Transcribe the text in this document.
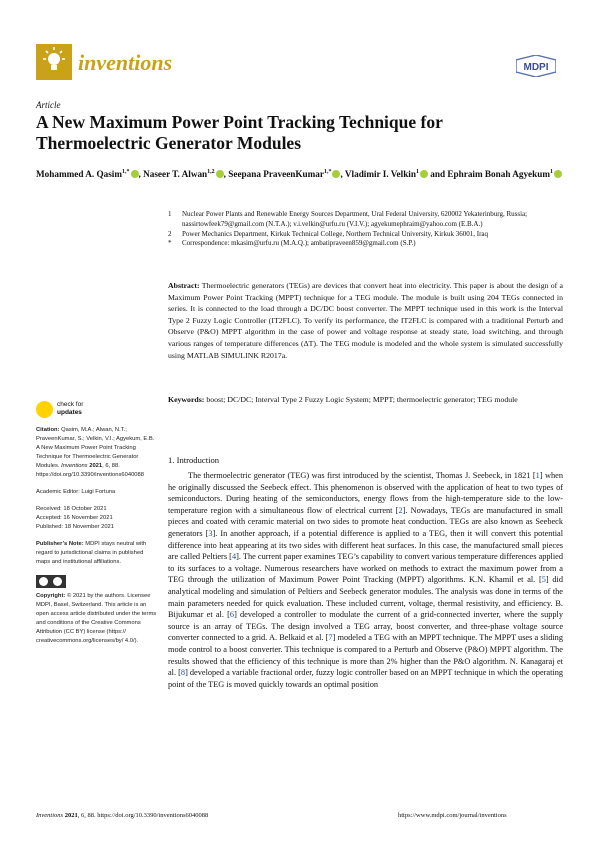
inventions	MDPI
Article
A New Maximum Power Point Tracking Technique for Thermoelectric Generator Modules
Mohammed A. Qasim$^{1,*}$ , Naseer T. Alwan$^{1,2}$ , Seepana PraveenKumar$^{1,*}$ , Vladimir I. Velkin$^1$ and Ephraim Bonah Agyekum$^1$
1	Nuclear Power Plants and Renewable Energy Sources Department, Ural Federal University, 620002 Yekaterinburg, Russia; nassirtowfeek79@gmail.com (N.T.A.); v.i.velkin@urfu.ru (V.I.V.); agyekumephraim@yahoo.com (E.B.A.)
2	Power Mechanics Department, Kirkuk Technical College, Northern Technical University, Kirkuk 36001, Iraq
*	Correspondence: mkasim@urfu.ru (M.A.Q.); ambatipraveen859@gmail.com (S.P.)
Abstract: Thermoelectric generators (TEGs) are devices that convert heat into electricity. This paper is about the design of a Maximum Power Point Tracking (MPPT) technique for a TEG module. The module is built using 204 TEGs connected in series. It is connected to the load through a DC/DC boost converter. The MPPT technique used in this work is the Interval Type 2 Fuzzy Logic Controller (IT2FLC). To verify its performance, the IT2FLC is compared with a traditional Perturb and Observe (P&O) MPPT algorithm in the case of power and voltage response at steady state, load switching, and through various ranges of temperature differences (ΔT). The TEG module is modeled and the whole system is simulated successfully using MATLAB SIMULINK R2017a.
Keywords: boost; DC/DC; Interval Type 2 Fuzzy Logic System; MPPT; thermoelectric generator; TEG module
check for
updates

Citation: Qasim, M.A.; Alwan, N.T.; PraveenKumar, S.; Velkin, V.I.; Agyekum, E.B. A New Maximum Power Point Tracking Technique for Thermoelectric Generator Modules. Inventions 2021, 6, 88. https://doi.org/10.3390/inventions6040088

Academic Editor: Luigi Fortuna

Received: 18 October 2021

Accepted: 16 November 2021

Published: 18 November 2021

Publisher’s Note: MDPI stays neutral with regard to jurisdictional claims in published maps and institutional affiliations.

Copyright: © 2021 by the authors. Licensee MDPI, Basel, Switzerland. This article is an open access article distributed under the terms and conditions of the Creative Commons Attribution (CC BY) license (https:// creativecommons.org/licenses/by/ 4.0/).

1. Introduction
The thermoelectric generator (TEG) was first introduced by the scientist, Thomas J. Seebeck, in 1821 [1] when he originally discussed the Seebeck effect. This phenomenon is observed with the application of heat to two types of semiconductors. During heating of the semiconductors, energy flows from the high-temperature side to the low-temperature region with a simultaneous flow of electrical current [2]. Nowadays, TEGs are manufactured in small pieces and coated with ceramic material on two sides to promote heat conduction. TEGs are also known as Seebeck generators [3]. In another approach, if a potential difference is applied to a TEG, then it will convert this potential difference into heat appearing at its two sides with different heat surfaces. In this case, the manufactured small pieces are called Peltiers [4]. The current paper examines TEG’s capability to convert various temperature differences applied to its surfaces to a voltage. Numerous researchers have worked on methods to extract the maximum power from a TEG through the utilization of Maximum Power Point Tracking (MPPT) algorithms. K.N. Khamil et al. [5] did analytical modeling and simulation of Peltiers and Seebeck generator modules. The analysis was done in terms of the main parameters needed for quick evaluation. These included current, voltage, thermal resistivity, and efficiency. B. Bijukumar et al. [6] developed a controller to modulate the current of a grid-connected inverter, where the supply source is an array of TEGs. The design involved a TEG array, boost converter, and three-phase voltage source converter connected to a grid. A. Belkaid et al. [7] modeled a TEG with an MPPT technique. The MPPT uses a sliding mode control to a boost converter. This technique is compared to a Perturb and Observe (P&O) MPPT algorithm. The results showed that the efficiency of this technique is more than 2% higher than the P&O algorithm. N. Kanagaraj et al. [8] developed a variable fractional order, fuzzy logic controller based on an MPPT technique in which the operating point of the TEG is moved quickly towards an optimal position
Inventions 2021, 6, 88. https://doi.org/10.3390/inventions6040088	https://www.mdpi.com/journal/inventions
